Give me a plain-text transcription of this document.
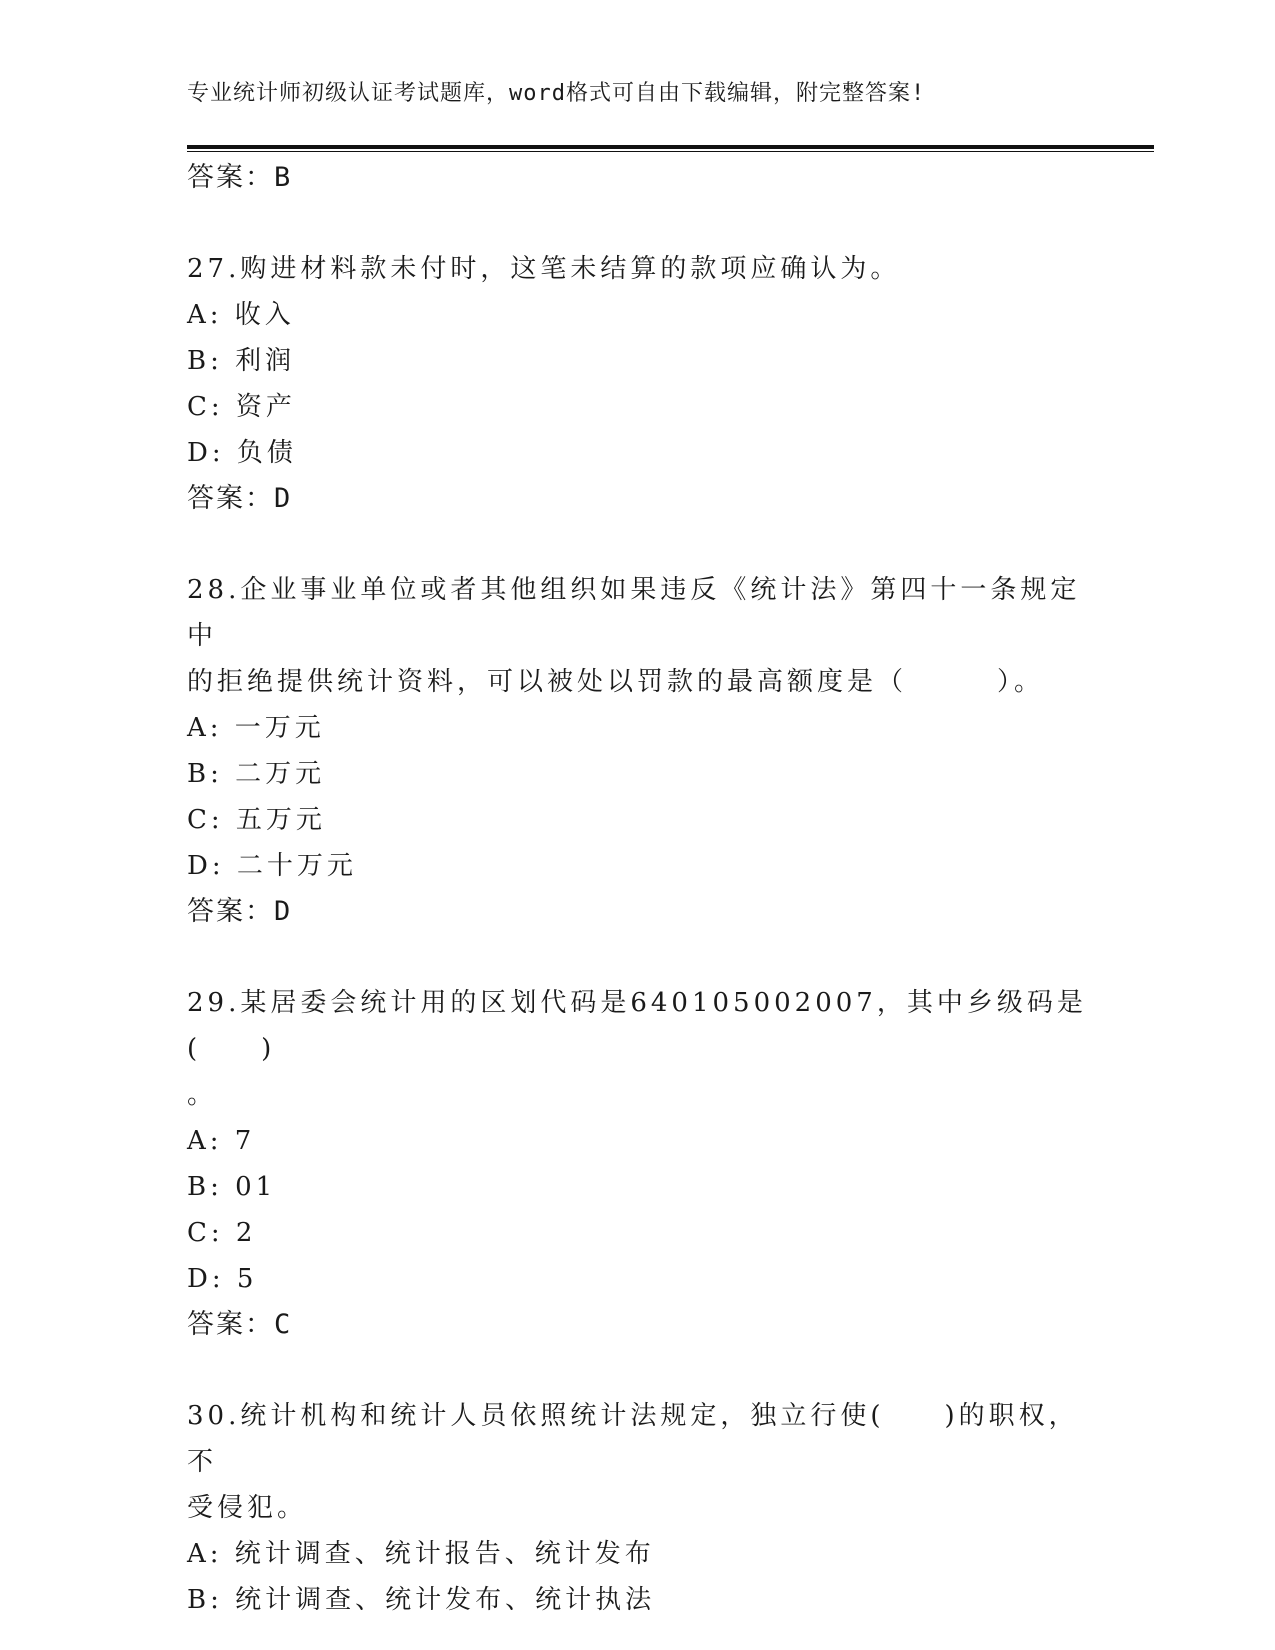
专业统计师初级认证考试题库，word格式可自由下载编辑，附完整答案!
答案：B
27.购进材料款未付时，这笔未结算的款项应确认为。
A: 收入
B: 利润
C: 资产
D: 负债
答案：D
28.企业事业单位或者其他组织如果违反《统计法》第四十一条规定中
的拒绝提供统计资料，可以被处以罚款的最高额度是（　　　）。
A: 一万元
B: 二万元
C: 五万元
D: 二十万元
答案：D
29.某居委会统计用的区划代码是640105002007，其中乡级码是(　　)
。
A: 7
B: 01
C: 2
D: 5
答案：C
30.统计机构和统计人员依照统计法规定，独立行使(　　)的职权，不
受侵犯。
A: 统计调查、统计报告、统计发布
B: 统计调查、统计发布、统计执法
